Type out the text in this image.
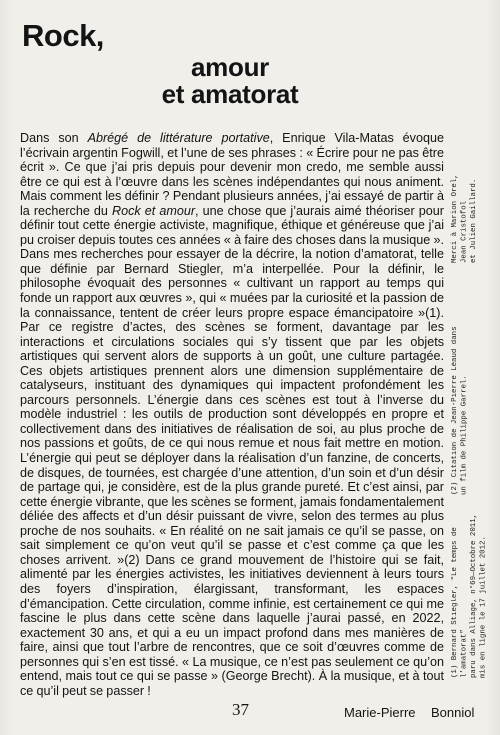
Rock,
amour
et amatorat

Dans son Abrégé de littérature portative, Enrique Vila-Matas évoque l’écrivain argentin Fogwill, et l’une de ses phrases : « Écrire pour ne pas être écrit ». Ce que j’ai pris depuis pour devenir mon credo, me semble aussi être ce qui est à l’œuvre dans les scènes indépendantes qui nous animent. Mais comment les définir ? Pendant plusieurs années, j’ai essayé de partir à la recherche du Rock et amour, une chose que j’aurais aimé théoriser pour définir tout cette énergie activiste, magnifique, éthique et généreuse que j’ai pu croiser depuis toutes ces années « à faire des choses dans la musique ». Dans mes recherches pour essayer de la décrire, la notion d’amatorat, telle que définie par Bernard Stiegler, m’a interpellée. Pour la définir, le philosophe évoquait des personnes « cultivant un rapport au temps qui fonde un rapport aux œuvres », qui « muées par la curiosité et la passion de la connaissance, tentent de créer leurs propre espace émancipatoire »(1). Par ce registre d’actes, des scènes se forment, davantage par les interactions et circulations sociales qui s’y tissent que par les objets artistiques qui servent alors de supports à un goût, une culture partagée. Ces objets artistiques prennent alors une dimension supplémentaire de catalyseurs, instituant des dynamiques qui impactent profondément les parcours personnels. L’énergie dans ces scènes est tout à l’inverse du modèle industriel : les outils de production sont développés en propre et collectivement dans des initiatives de réalisation de soi, au plus proche de nos passions et goûts, de ce qui nous remue et nous fait mettre en motion. L’énergie qui peut se déployer dans la réalisation d’un fanzine, de concerts, de disques, de tournées, est chargée d’une attention, d’un soin et d’un désir de partage qui, je considère, est de la plus grande pureté. Et c’est ainsi, par cette énergie vibrante, que les scènes se forment, jamais fondamentalement déliée des affects et d’un désir puissant de vivre, selon des termes au plus proche de nos souhaits. « En réalité on ne sait jamais ce qu’il se passe, on sait simplement ce qu’on veut qu’il se passe et c’est comme ça que les choses arrivent. »(2) Dans ce grand mouvement de l’histoire qui se fait, alimenté par les énergies activistes, les initiatives deviennent à leurs tours des foyers d’inspiration, élargissant, transformant, les espaces d’émancipation. Cette circulation, comme infinie, est certainement ce qui me fascine le plus dans cette scène dans laquelle j’aurai passé, en 2022, exactement 30 ans, et qui a eu un impact profond dans mes manières de faire, ainsi que tout l’arbre de rencontres, que ce soit d’œuvres comme de personnes qui s’en est tissé. « La musique, ce n’est pas seulement ce qu’on entend, mais tout ce qui se passe » (George Brecht). À la musique, et à tout ce qu’il peut se passer !

Merci à Marion Orel,
Jean Cristofol
et Julien Gaillard.
(2) Citation de Jean-Pierre Léaud dans
un film de Philippe Garrel.
(1) Bernard Stiegler, “Le temps de l’amatorat”
paru dans Alliage, n°69—Octobre 2011,
mis en ligne le 17 juillet 2012.
37	Marie-Pierre Bonniol
